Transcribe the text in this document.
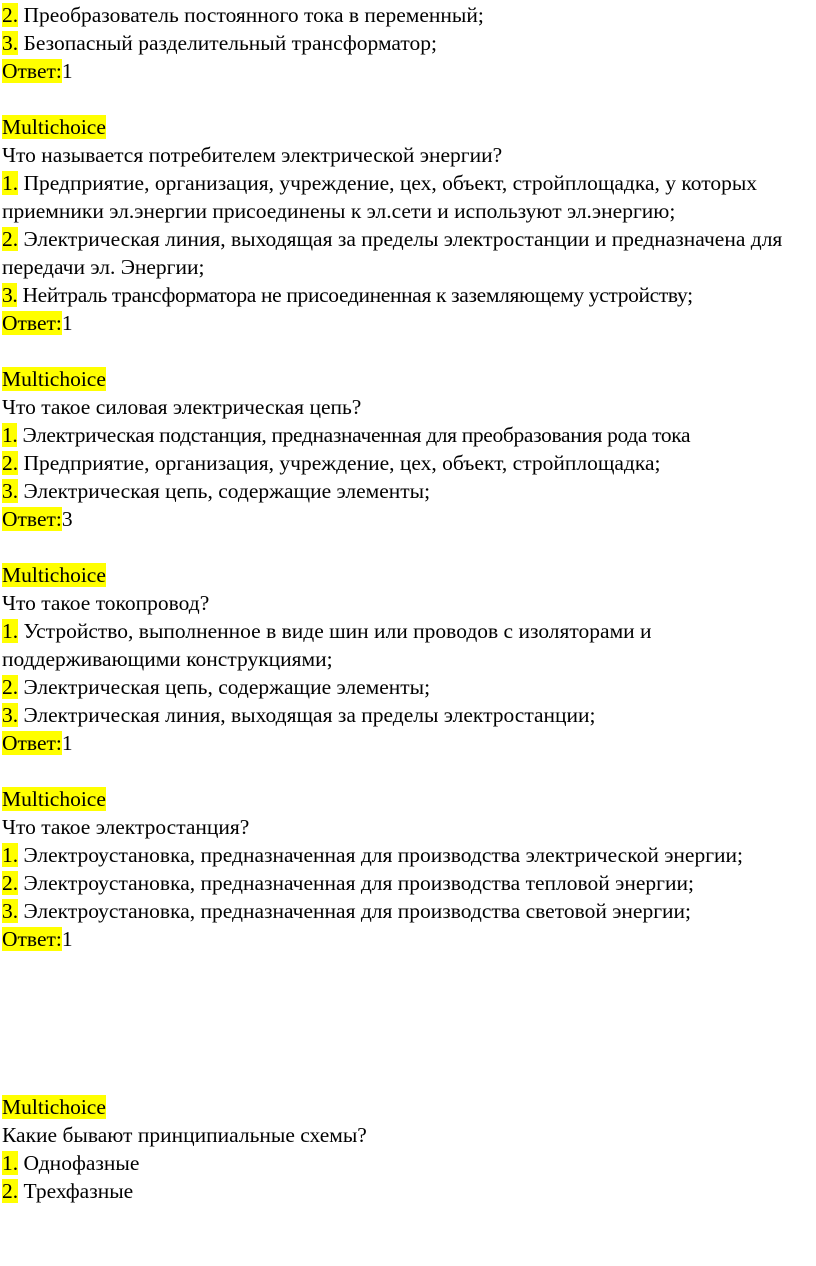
2. Преобразователь постоянного тока в переменный;
3. Безопасный разделительный трансформатор;
Ответ:1
Multichoice
Что называется потребителем электрической энергии?
1. Предприятие, организация, учреждение, цех, объект, стройплощадка, у которых приемники эл.энергии присоединены к эл.сети и используют эл.энергию;
2. Электрическая линия, выходящая за пределы электростанции и предназначена для передачи эл. Энергии;
3. Нейтраль трансформатора не присоединенная к заземляющему устройству;
Ответ:1
Multichoice
Что такое силовая электрическая цепь?
1. Электрическая подстанция, предназначенная для преобразования рода тока
2. Предприятие, организация, учреждение, цех, объект, стройплощадка;
3. Электрическая цепь, содержащие элементы;
Ответ:3
Multichoice
Что такое токопровод?
1. Устройство, выполненное в виде шин или проводов с изоляторами и поддерживающими конструкциями;
2. Электрическая цепь, содержащие элементы;
3. Электрическая линия, выходящая за пределы электростанции;
Ответ:1
Multichoice
Что такое электростанция?
1. Электроустановка, предназначенная для производства электрической энергии;
2. Электроустановка, предназначенная для производства тепловой энергии;
3. Электроустановка, предназначенная для производства световой энергии;
Ответ:1
Multichoice
Какие бывают принципиальные схемы?
1. Однофазные
2. Трехфазные
